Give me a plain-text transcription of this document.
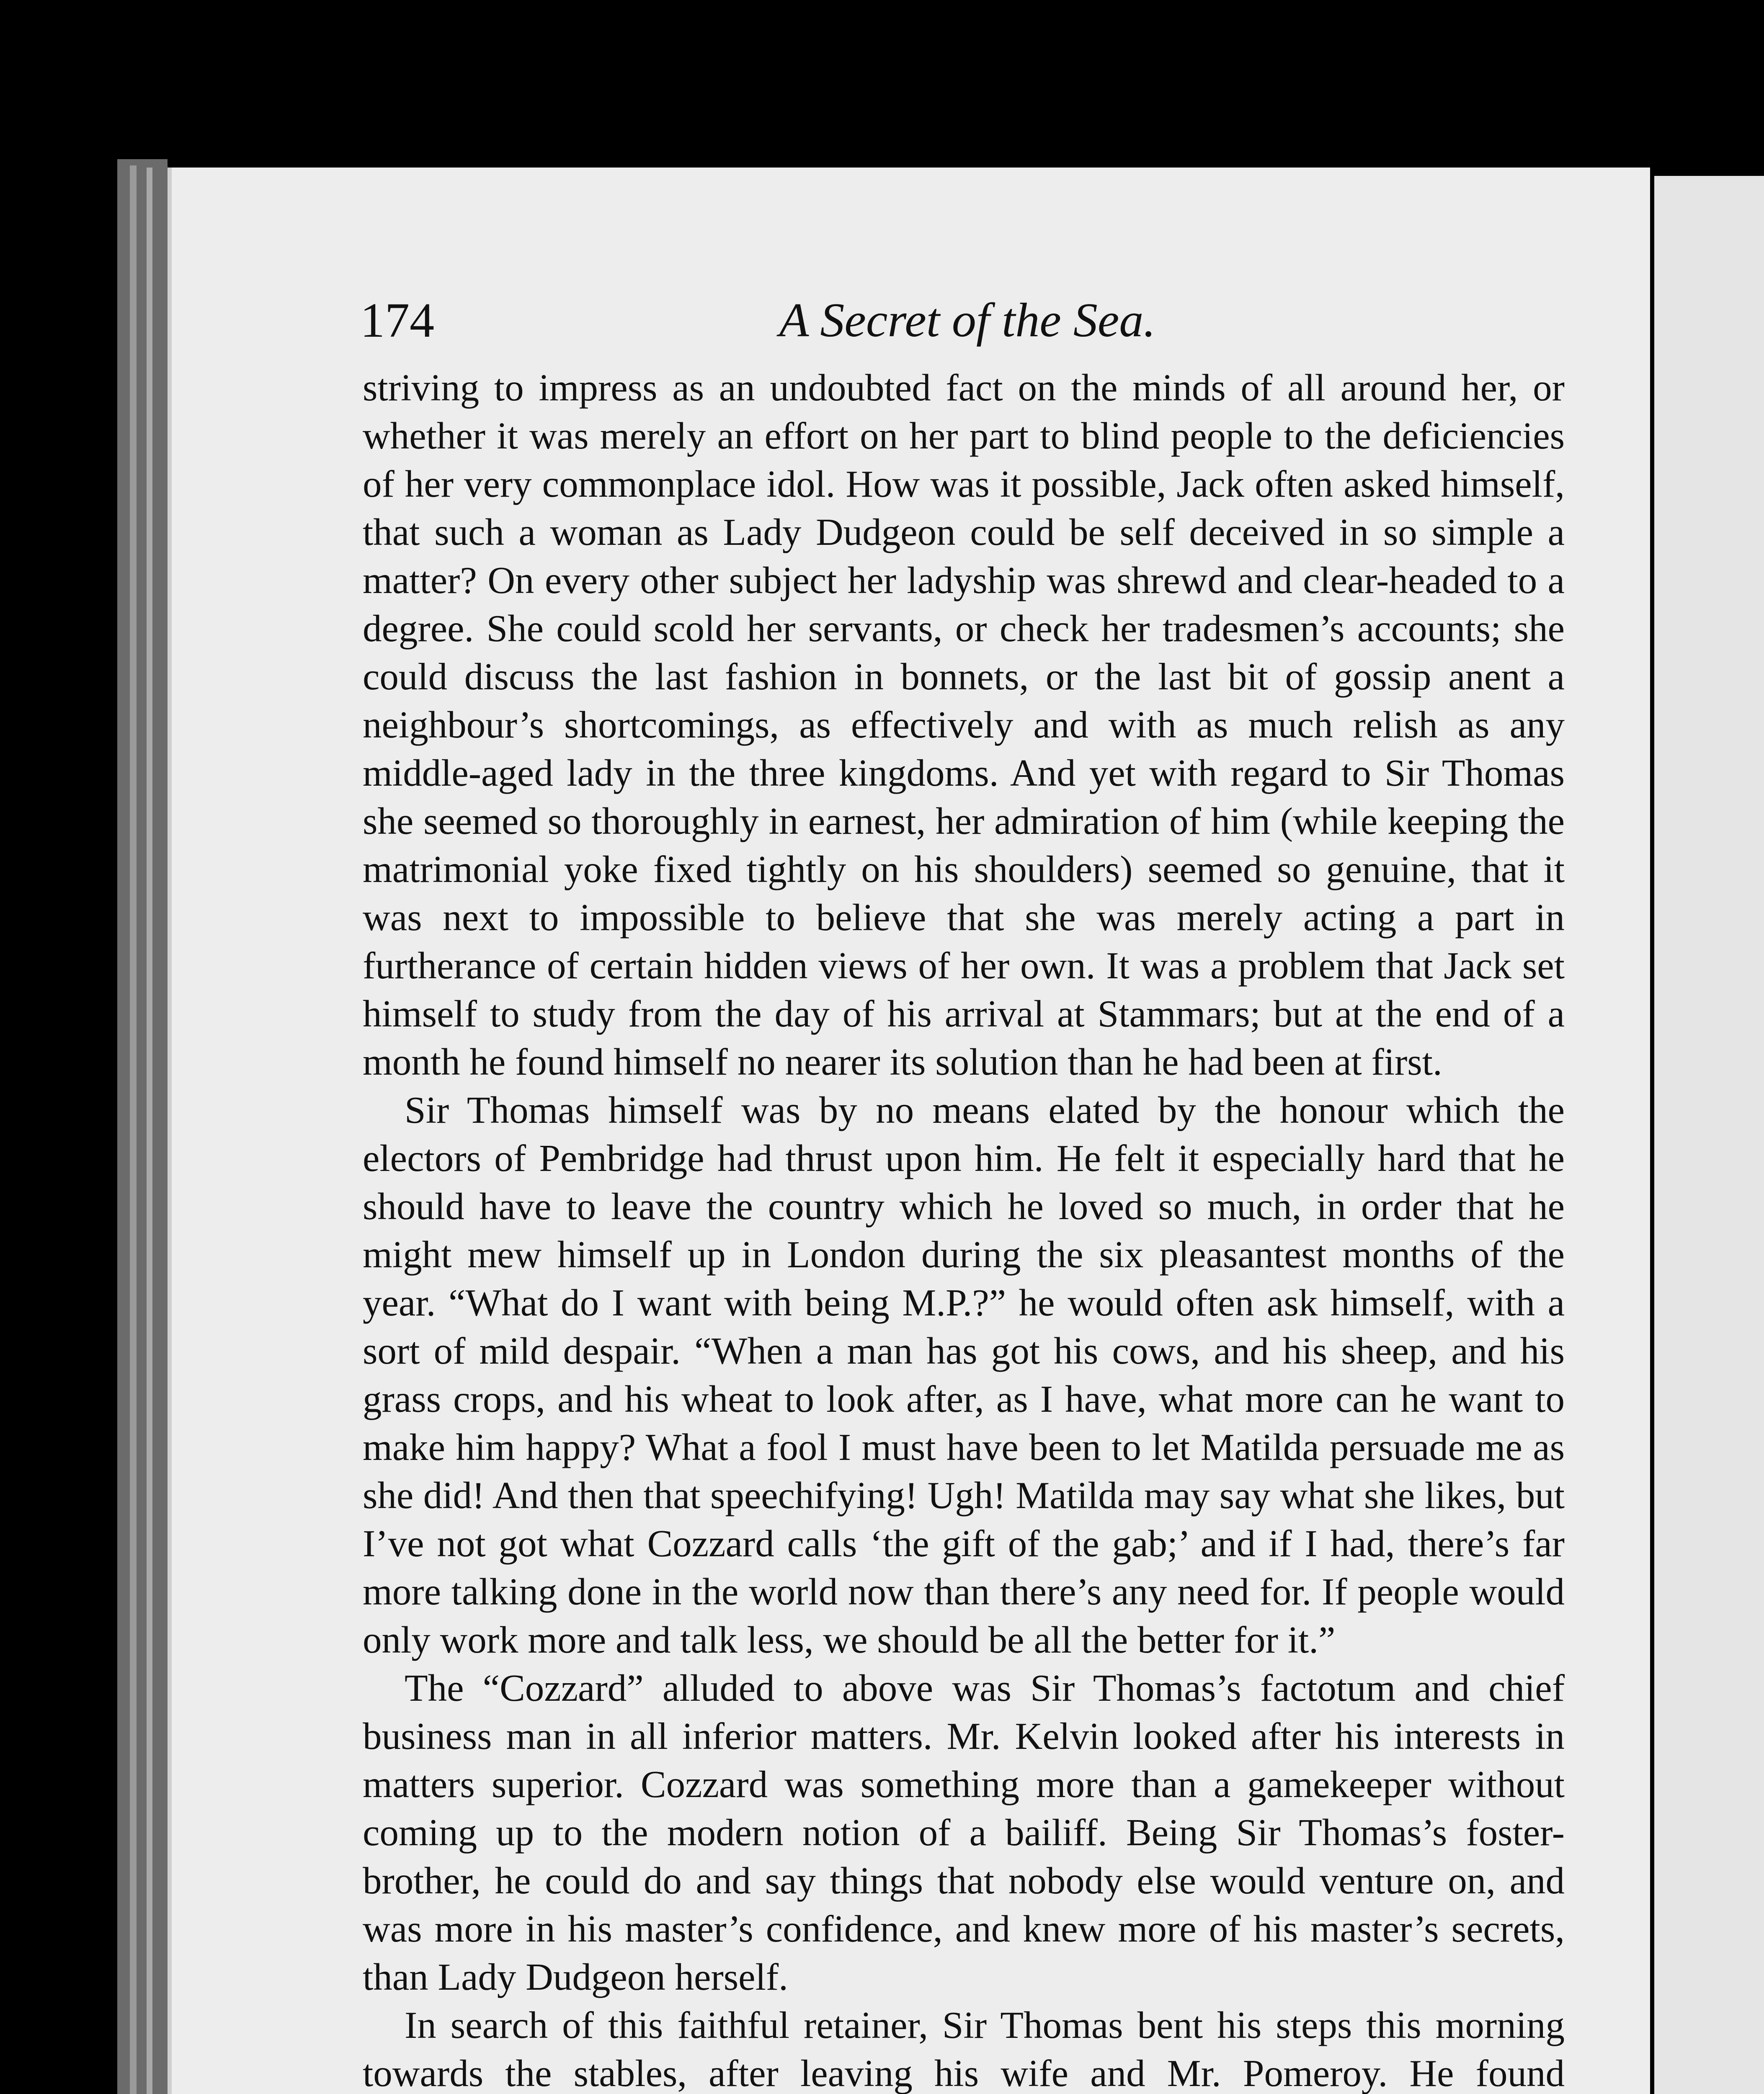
A Secret of the Sea.
174

striving to impress as an undoubted fact on the minds of all around her, or whether it was merely an effort on her part to blind people to the deficiencies of her very commonplace idol. How was it possible, Jack often asked himself, that such a woman as Lady Dudgeon could be self deceived in so simple a matter? On every other subject her ladyship was shrewd and clear-headed to a degree. She could scold her servants, or check her tradesmen’s accounts; she could discuss the last fashion in bonnets, or the last bit of gossip anent a neighbour’s shortcomings, as effectively and with as much relish as any middle-aged lady in the three kingdoms. And yet with regard to Sir Thomas she seemed so thoroughly in earnest, her admiration of him (while keeping the matrimonial yoke fixed tightly on his shoulders) seemed so genuine, that it was next to impossible to believe that she was merely acting a part in furtherance of certain hidden views of her own. It was a problem that Jack set himself to study from the day of his arrival at Stammars; but at the end of a month he found himself no nearer its solution than he had been at first.

Sir Thomas himself was by no means elated by the honour which the electors of Pembridge had thrust upon him. He felt it especially hard that he should have to leave the country which he loved so much, in order that he might mew himself up in London during the six pleasantest months of the year. “What do I want with being M.P.?” he would often ask himself, with a sort of mild despair. “When a man has got his cows, and his sheep, and his grass crops, and his wheat to look after, as I have, what more can he want to make him happy? What a fool I must have been to let Matilda persuade me as she did! And then that speechifying! Ugh! Matilda may say what she likes, but I’ve not got what Cozzard calls ‘the gift of the gab;’ and if I had, there’s far more talking done in the world now than there’s any need for. If people would only work more and talk less, we should be all the better for it.”

The “Cozzard” alluded to above was Sir Thomas’s factotum and chief business man in all inferior matters. Mr. Kelvin looked after his interests in matters superior. Cozzard was something more than a gamekeeper without coming up to the modern notion of a bailiff. Being Sir Thomas’s foster-brother, he could do and say things that nobody else would venture on, and was more in his master’s confidence, and knew more of his master’s secrets, than Lady Dudgeon herself.

In search of this faithful retainer, Sir Thomas bent his steps this morning towards the stables, after leaving his wife and Mr. Pomeroy. He found
